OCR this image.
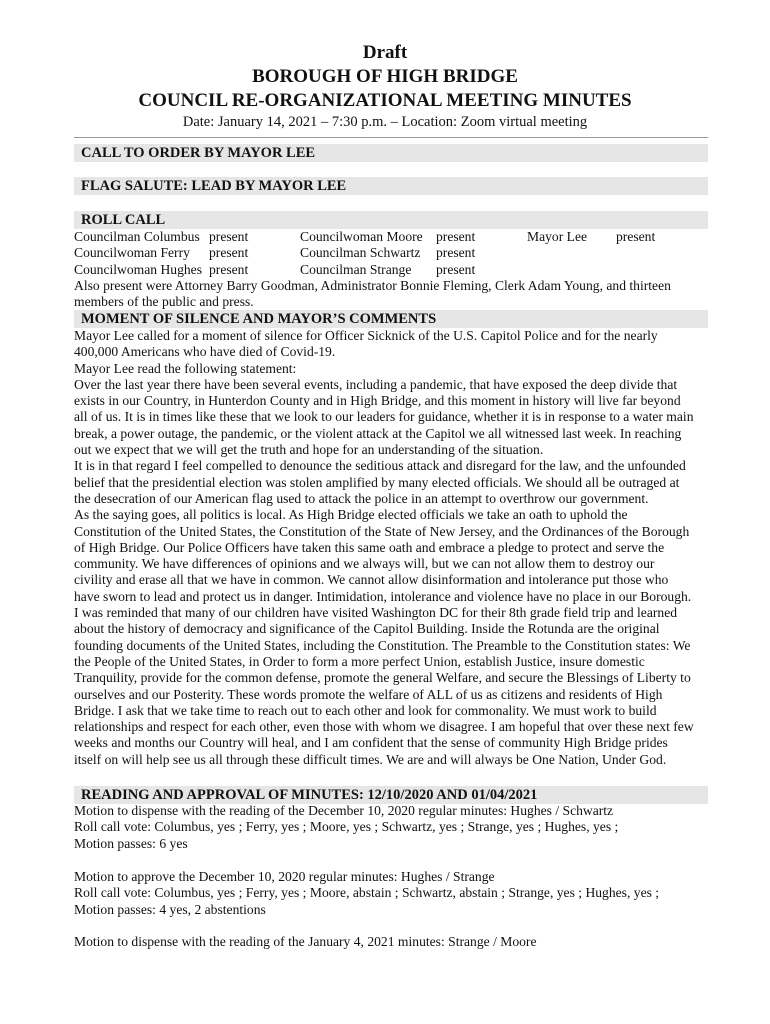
Draft
BOROUGH OF HIGH BRIDGE
COUNCIL RE-ORGANIZATIONAL MEETING MINUTES
Date: January 14, 2021 – 7:30 p.m. – Location: Zoom virtual meeting
CALL TO ORDER BY MAYOR LEE
FLAG SALUTE: LEAD BY MAYOR LEE
ROLL CALL
Councilman Columbus present	Councilwoman Moore present	Mayor Lee present
Councilwoman Ferry present	Councilman Schwartz present
Councilwoman Hughes present	Councilman Strange present
Also present were Attorney Barry Goodman, Administrator Bonnie Fleming, Clerk Adam Young, and thirteen
members of the public and press.
MOMENT OF SILENCE AND MAYOR’S COMMENTS
Mayor Lee called for a moment of silence for Officer Sicknick of the U.S. Capitol Police and for the nearly
400,000 Americans who have died of Covid-19.
Mayor Lee read the following statement:
Over the last year there have been several events, including a pandemic, that have exposed the deep divide that
exists in our Country, in Hunterdon County and in High Bridge, and this moment in history will live far beyond
all of us. It is in times like these that we look to our leaders for guidance, whether it is in response to a water main
break, a power outage, the pandemic, or the violent attack at the Capitol we all witnessed last week. In reaching
out we expect that we will get the truth and hope for an understanding of the situation.
It is in that regard I feel compelled to denounce the seditious attack and disregard for the law, and the unfounded
belief that the presidential election was stolen amplified by many elected officials. We should all be outraged at
the desecration of our American flag used to attack the police in an attempt to overthrow our government.
As the saying goes, all politics is local. As High Bridge elected officials we take an oath to uphold the
Constitution of the United States, the Constitution of the State of New Jersey, and the Ordinances of the Borough
of High Bridge. Our Police Officers have taken this same oath and embrace a pledge to protect and serve the
community. We have differences of opinions and we always will, but we can not allow them to destroy our
civility and erase all that we have in common. We cannot allow disinformation and intolerance put those who
have sworn to lead and protect us in danger. Intimidation, intolerance and violence have no place in our Borough.
I was reminded that many of our children have visited Washington DC for their 8th grade field trip and learned
about the history of democracy and significance of the Capitol Building. Inside the Rotunda are the original
founding documents of the United States, including the Constitution. The Preamble to the Constitution states: We
the People of the United States, in Order to form a more perfect Union, establish Justice, insure domestic
Tranquility, provide for the common defense, promote the general Welfare, and secure the Blessings of Liberty to
ourselves and our Posterity. These words promote the welfare of ALL of us as citizens and residents of High
Bridge. I ask that we take time to reach out to each other and look for commonality. We must work to build
relationships and respect for each other, even those with whom we disagree. I am hopeful that over these next few
weeks and months our Country will heal, and I am confident that the sense of community High Bridge prides
itself on will help see us all through these difficult times. We are and will always be One Nation, Under God.
READING AND APPROVAL OF MINUTES: 12/10/2020 AND 01/04/2021
Motion to dispense with the reading of the December 10, 2020 regular minutes: Hughes / Schwartz
Roll call vote: Columbus, yes ; Ferry, yes ; Moore, yes ; Schwartz, yes ; Strange, yes ; Hughes, yes ;
Motion passes: 6 yes
Motion to approve the December 10, 2020 regular minutes: Hughes / Strange
Roll call vote: Columbus, yes ; Ferry, yes ; Moore, abstain ; Schwartz, abstain ; Strange, yes ; Hughes, yes ;
Motion passes: 4 yes, 2 abstentions
Motion to dispense with the reading of the January 4, 2021 minutes: Strange / Moore
